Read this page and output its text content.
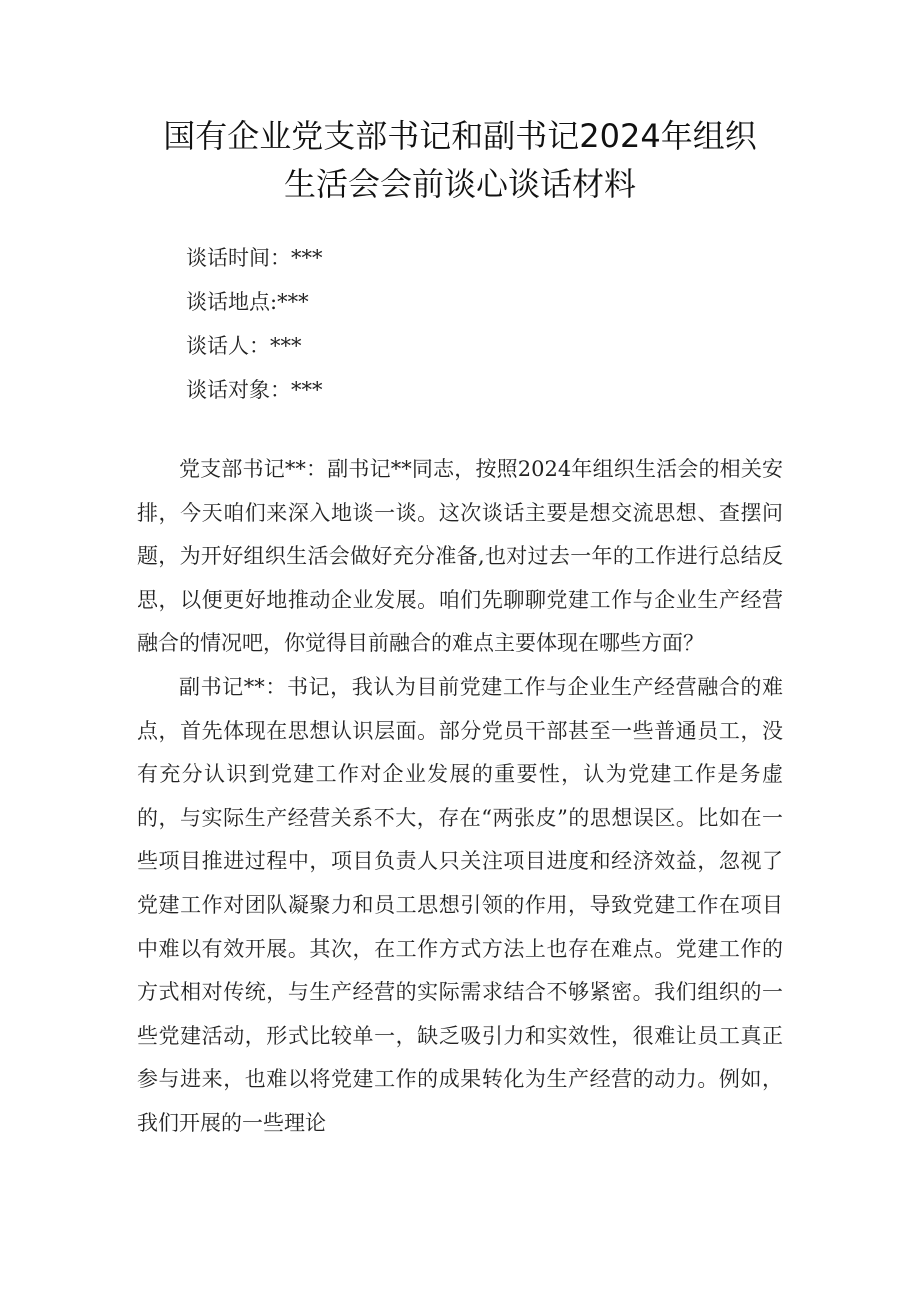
国有企业党支部书记和副书记2024年组织
生活会会前谈心谈话材料
谈话时间：***
谈话地点:***
谈话人：***
谈话对象：***

党支部书记**：副书记**同志，按照2024年组织生活会的相关安排，今天咱们来深入地谈一谈。这次谈话主要是想交流思想、查摆问题，为开好组织生活会做好充分准备,也对过去一年的工作进行总结反思，以便更好地推动企业发展。咱们先聊聊党建工作与企业生产经营融合的情况吧，你觉得目前融合的难点主要体现在哪些方面？

副书记**：书记，我认为目前党建工作与企业生产经营融合的难点，首先体现在思想认识层面。部分党员干部甚至一些普通员工，没有充分认识到党建工作对企业发展的重要性，认为党建工作是务虚的，与实际生产经营关系不大，存在“两张皮”的思想误区。比如在一些项目推进过程中，项目负责人只关注项目进度和经济效益，忽视了党建工作对团队凝聚力和员工思想引领的作用，导致党建工作在项目中难以有效开展。其次，在工作方式方法上也存在难点。党建工作的方式相对传统，与生产经营的实际需求结合不够紧密。我们组织的一些党建活动，形式比较单一，缺乏吸引力和实效性，很难让员工真正参与进来，也难以将党建工作的成果转化为生产经营的动力。例如，我们开展的一些理论
